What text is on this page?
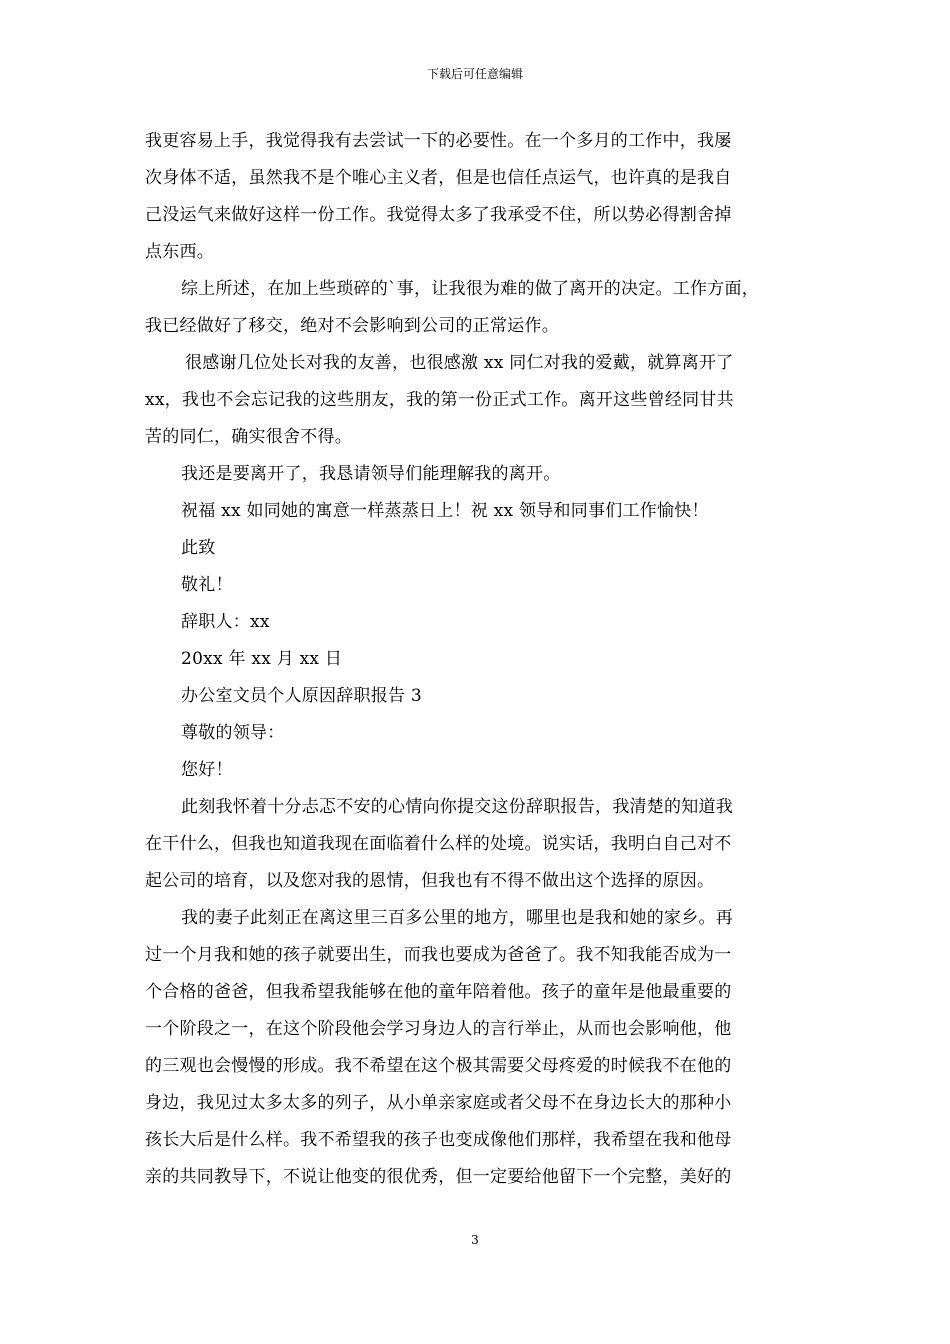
下载后可任意编辑
我更容易上手，我觉得我有去尝试一下的必要性。在一个多月的工作中，我屡
次身体不适，虽然我不是个唯心主义者，但是也信任点运气，也许真的是我自
己没运气来做好这样一份工作。我觉得太多了我承受不住，所以势必得割舍掉
点东西。
综上所述，在加上些琐碎的`事，让我很为难的做了离开的决定。工作方面，
我已经做好了移交，绝对不会影响到公司的正常运作。
很感谢几位处长对我的友善，也很感激 xx 同仁对我的爱戴，就算离开了
xx，我也不会忘记我的这些朋友，我的第一份正式工作。离开这些曾经同甘共
苦的同仁，确实很舍不得。
我还是要离开了，我恳请领导们能理解我的离开。
祝福 xx 如同她的寓意一样蒸蒸日上！祝 xx 领导和同事们工作愉快！
此致
敬礼！
辞职人：xx
20xx 年 xx 月 xx 日
办公室文员个人原因辞职报告 3
尊敬的领导：
您好！
此刻我怀着十分忐忑不安的心情向你提交这份辞职报告，我清楚的知道我
在干什么，但我也知道我现在面临着什么样的处境。说实话，我明白自己对不
起公司的培育，以及您对我的恩情，但我也有不得不做出这个选择的原因。
我的妻子此刻正在离这里三百多公里的地方，哪里也是我和她的家乡。再
过一个月我和她的孩子就要出生，而我也要成为爸爸了。我不知我能否成为一
个合格的爸爸，但我希望我能够在他的童年陪着他。孩子的童年是他最重要的
一个阶段之一，在这个阶段他会学习身边人的言行举止，从而也会影响他，他
的三观也会慢慢的形成。我不希望在这个极其需要父母疼爱的时候我不在他的
身边，我见过太多太多的列子，从小单亲家庭或者父母不在身边长大的那种小
孩长大后是什么样。我不希望我的孩子也变成像他们那样，我希望在我和他母
亲的共同教导下，不说让他变的很优秀，但一定要给他留下一个完整，美好的
3
